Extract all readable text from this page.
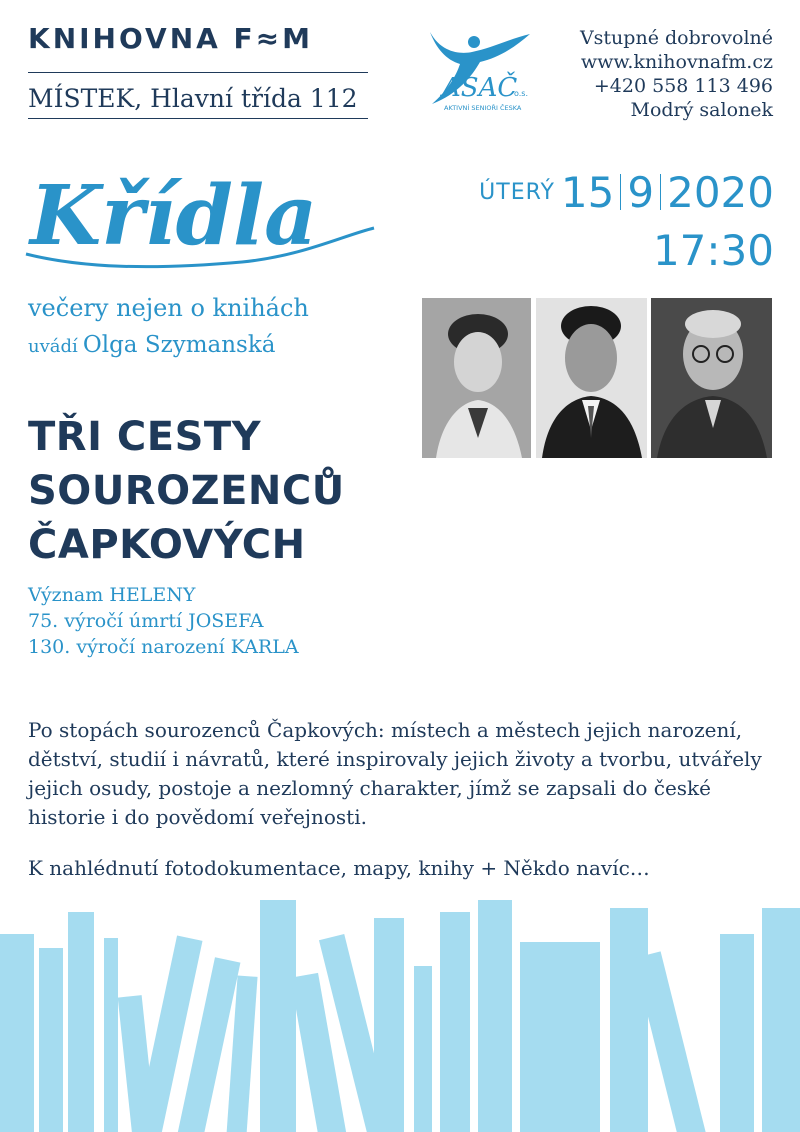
KNIHOVNA F≈M
MÍSTEK, Hlavní třída 112	ASAČ
o.s.
AKTIVNÍ SENIOŘI ČESKA
Vstupné dobrovolné
www.knihovnafm.cz
+420 558 113 496
Modrý salonek
Křídla	ÚTERÝ 15 9 2020
17:30
večery nejen o knihách
uvádí Olga Szymanská
TŘI CESTY
SOUROZENCŮ
ČAPKOVÝCH
Význam HELENY
75. výročí úmrtí JOSEFA
130. výročí narození KARLA
Po stopách sourozenců Čapkových: místech a městech jejich narození, dětství, studií i návratů, které inspirovaly jejich životy a tvorbu, utvářely jejich osudy, postoje a nezlomný charakter, jímž se zapsali do české historie i do povědomí veřejnosti.
K nahlédnutí fotodokumentace, mapy, knihy + Někdo navíc…
